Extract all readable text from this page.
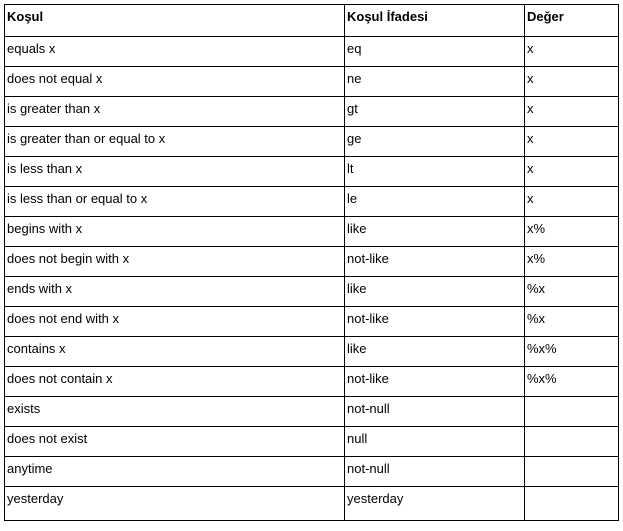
Koşul	Koşul İfadesi	Değer
equals x	eq	x
does not equal x	ne	x
is greater than x	gt	x
is greater than or equal to x	ge	x
is less than x	lt	x
is less than or equal to x	le	x
begins with x	like	x%
does not begin with x	not-like	x%
ends with x	like	%x
does not end with x	not-like	%x
contains x	like	%x%
does not contain x	not-like	%x%
exists	not-null	
does not exist	null	
anytime	not-null	
yesterday	yesterday	
